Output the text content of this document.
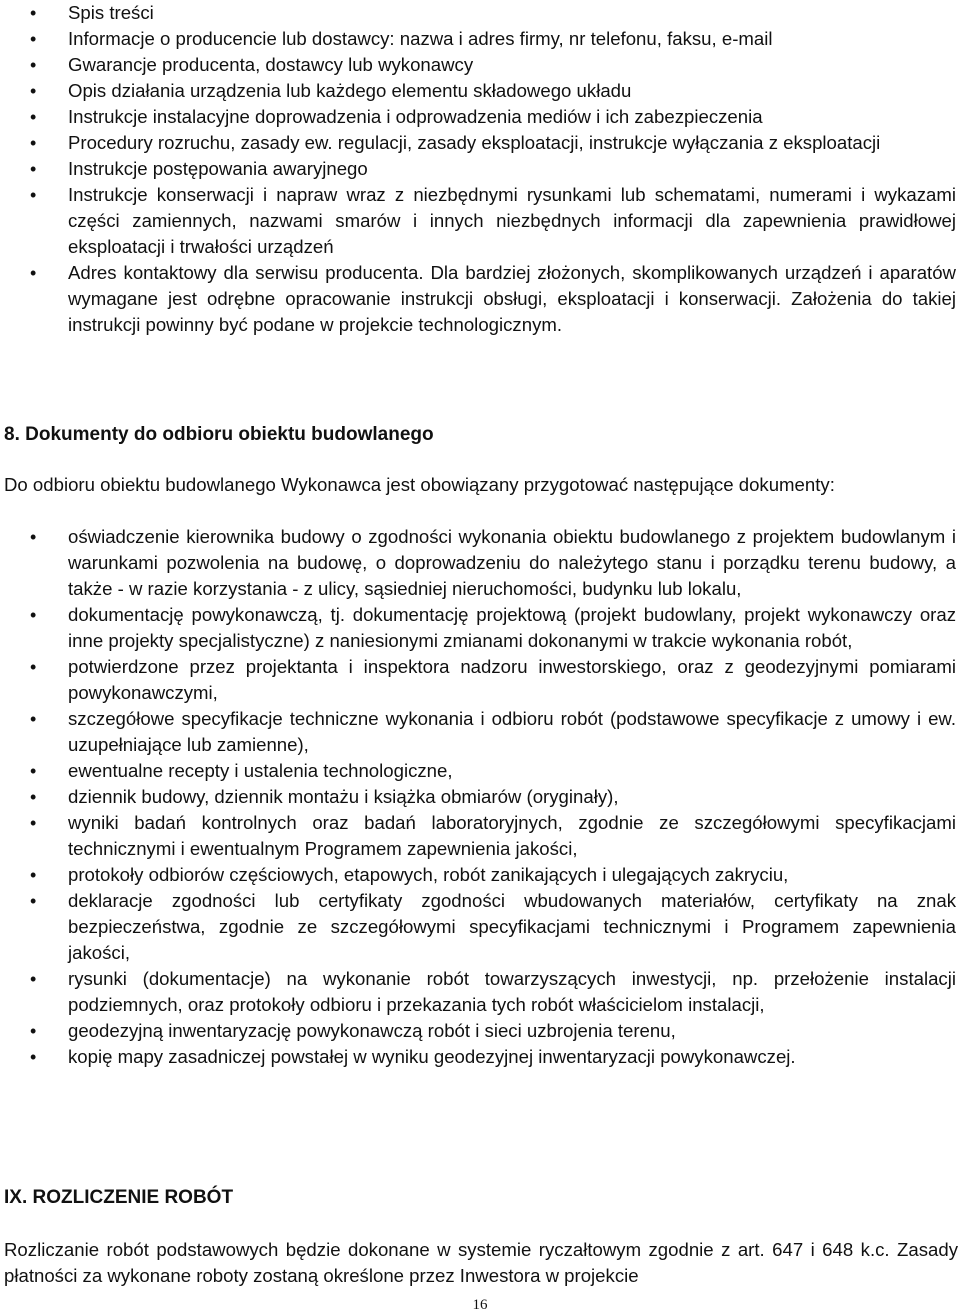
• Spis treści
• Informacje o producencie lub dostawcy: nazwa i adres firmy, nr telefonu, faksu, e-mail
• Gwarancje producenta, dostawcy lub wykonawcy
• Opis działania urządzenia lub każdego elementu składowego układu
• Instrukcje instalacyjne doprowadzenia i odprowadzenia mediów i ich zabezpieczenia
• Procedury rozruchu, zasady ew. regulacji, zasady eksploatacji, instrukcje wyłączania z eksploatacji
• Instrukcje postępowania awaryjnego
• Instrukcje konserwacji i napraw wraz z niezbędnymi rysunkami lub schematami, numerami i wykazami części zamiennych, nazwami smarów i innych niezbędnych informacji dla zapewnienia prawidłowej eksploatacji i trwałości urządzeń
• Adres kontaktowy dla serwisu producenta. Dla bardziej złożonych, skomplikowanych urządzeń i aparatów wymagane jest odrębne opracowanie instrukcji obsługi, eksploatacji i konserwacji. Założenia do takiej instrukcji powinny być podane w projekcie technologicznym.
8. Dokumenty do odbioru obiektu budowlanego

Do odbioru obiektu budowlanego Wykonawca jest obowiązany przygotować następujące dokumenty:

• oświadczenie kierownika budowy o zgodności wykonania obiektu budowlanego z projektem budowlanym i warunkami pozwolenia na budowę, o doprowadzeniu do należytego stanu i porządku terenu budowy, a także - w razie korzystania - z ulicy, sąsiedniej nieruchomości, budynku lub lokalu,
• dokumentację powykonawczą, tj. dokumentację projektową (projekt budowlany, projekt wykonawczy oraz inne projekty specjalistyczne) z naniesionymi zmianami dokonanymi w trakcie wykonania robót,
• potwierdzone przez projektanta i inspektora nadzoru inwestorskiego, oraz z geodezyjnymi pomiarami powykonawczymi,
• szczegółowe specyfikacje techniczne wykonania i odbioru robót (podstawowe specyfikacje z umowy i ew. uzupełniające lub zamienne),
• ewentualne recepty i ustalenia technologiczne,
• dziennik budowy, dziennik montażu i książka obmiarów (oryginały),
• wyniki badań kontrolnych oraz badań laboratoryjnych, zgodnie ze szczegółowymi specyfikacjami technicznymi i ewentualnym Programem zapewnienia jakości,
• protokoły odbiorów częściowych, etapowych, robót zanikających i ulegających zakryciu,
• deklaracje zgodności lub certyfikaty zgodności wbudowanych materiałów, certyfikaty na znak bezpieczeństwa, zgodnie ze szczegółowymi specyfikacjami technicznymi i Programem zapewnienia jakości,
• rysunki (dokumentacje) na wykonanie robót towarzyszących inwestycji, np. przełożenie instalacji podziemnych, oraz protokoły odbioru i przekazania tych robót właścicielom instalacji,
• geodezyjną inwentaryzację powykonawczą robót i sieci uzbrojenia terenu,
• kopię mapy zasadniczej powstałej w wyniku geodezyjnej inwentaryzacji powykonawczej.
IX. ROZLICZENIE ROBÓT

Rozliczanie robót podstawowych będzie dokonane w systemie ryczałtowym zgodnie z art. 647 i 648 k.c. Zasady płatności za wykonane roboty zostaną określone przez Inwestora w projekcie

16
